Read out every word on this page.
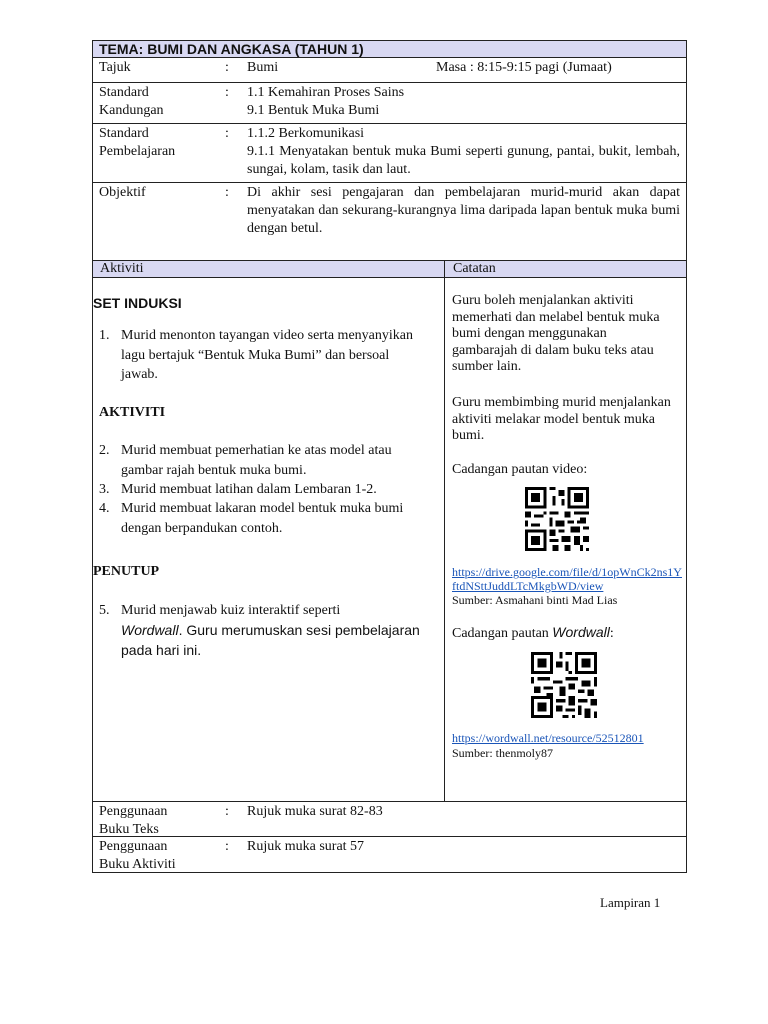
TEMA: BUMI DAN ANGKASA (TAHUN 1)
Tajuk	:	Bumi	Masa : 8:15-9:15 pagi (Jumaat)
Standard
Kandungan
:	1.1 Kemahiran Proses Sains
9.1 Bentuk Muka Bumi
Standard
Pembelajaran
:	1.1.2 Berkomunikasi
9.1.1 Menyatakan bentuk muka Bumi seperti gunung, pantai, bukit, lembah, sungai, kolam, tasik dan laut.
Objektif	:	Di akhir sesi pengajaran dan pembelajaran murid-murid akan dapat menyatakan dan sekurang-kurangnya lima daripada lapan bentuk muka bumi dengan betul.
Aktiviti	Catatan
SET INDUKSI
1. Murid menonton tayangan video serta menyanyikan lagu bertajuk “Bentuk Muka Bumi” dan bersoal jawab.
AKTIVITI
2. Murid membuat pemerhatian ke atas model atau gambar rajah bentuk muka bumi.
3. Murid membuat latihan dalam Lembaran 1-2.
4. Murid membuat lakaran model bentuk muka bumi dengan berpandukan contoh.
PENUTUP
5. Murid menjawab kuiz interaktif seperti
Wordwall. Guru merumuskan sesi pembelajaran pada hari ini.
Guru boleh menjalankan aktiviti memerhati dan melabel bentuk muka bumi dengan menggunakan gambarajah di dalam buku teks atau sumber lain.
Guru membimbing murid menjalankan aktiviti melakar model bentuk muka bumi.
Cadangan pautan video:
https://drive.google.com/file/d/1opWnCk2ns1YftdNSttJuddLTcMkgbWD/view
Sumber: Asmahani binti Mad Lias
Cadangan pautan Wordwall:
https://wordwall.net/resource/52512801
Sumber: thenmoly87
Penggunaan
Buku Teks
:	Rujuk muka surat 82-83
Penggunaan
Buku Aktiviti
:	Rujuk muka surat 57
Lampiran 1
